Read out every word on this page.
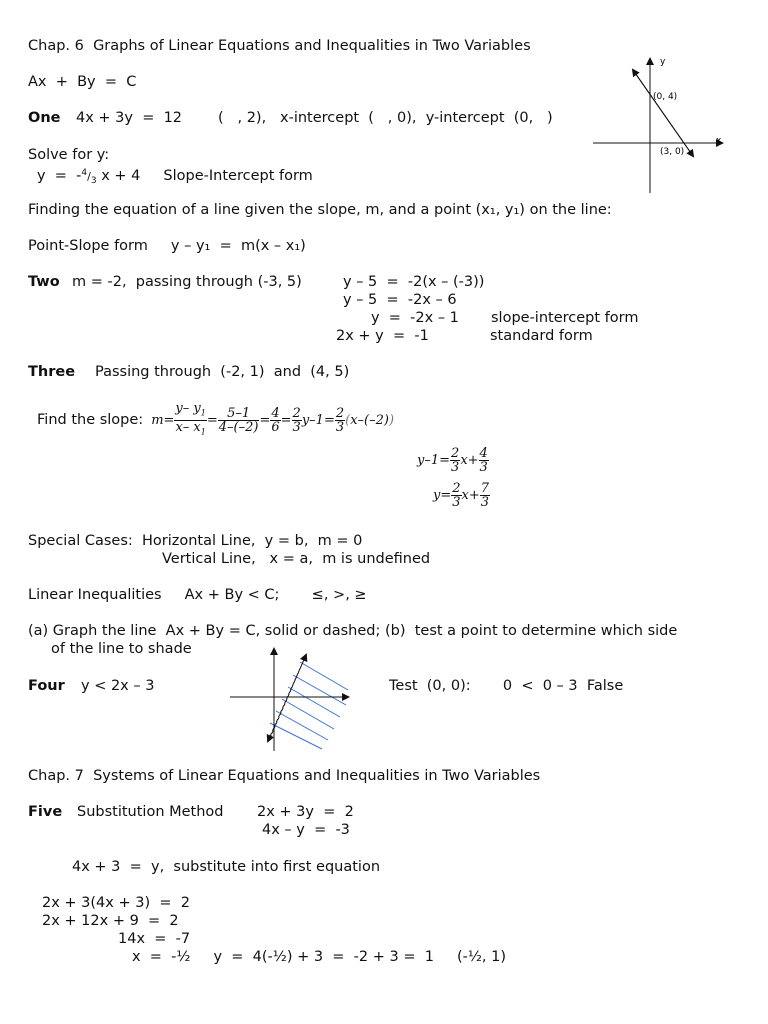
Chap. 6  Graphs of Linear Equations and Inequalities in Two Variables
Ax  +  By  =  C
One 4x + 3y  =  12 (   , 2),   x-intercept  (   , 0),  y-intercept  (0,   )
Solve for y:
$y = -^4/_3$ x + 4     Slope-Intercept form
y
x
(0, 4)
(3, 0)
Finding the equation of a line given the slope, m, and a point (x₁, y₁) on the line:
Point-Slope form     y – y₁  =  m(x – x₁)
Two m = -2,  passing through (-3, 5)	y – 5  =  -2(x – (-3))
y – 5  =  -2x – 6
y  =  -2x – 1
2x + y  =  -1
slope-intercept form
standard form
Three Passing through  (-2, 1)  and  (4, 5)
Find the slope: $m= \frac{y- y_1}{x- x_1} = \frac{5-1}{4-(-2)} = \frac{4}{6} = \frac{2}{3} y-1= \frac{2}{3} (x-(-2))$
$y-1= \frac{2}{3} x+ \frac{4}{3}$
$y= \frac{2}{3} x+ \frac{7}{3}$
Special Cases:  Horizontal Line,  y = b,  m = 0
Vertical Line,   x = a,  m is undefined
Linear Inequalities     Ax + By < C;       ≤, >, ≥
(a) Graph the line  Ax + By = C, solid or dashed; (b)  test a point to determine which side
of the line to shade
Four y < 2x – 3	Test  (0, 0):       0  <  0 – 3  False
Chap. 7  Systems of Linear Equations and Inequalities in Two Variables
Five Substitution Method 2x + 3y  =  2
4x – y  =  -3
4x + 3  =  y,  substitute into first equation
2x + 3(4x + 3)  =  2
2x + 12x + 9  =  2
14x  =  -7
x  =  -½     y  =  4(-½) + 3  =  -2 + 3 =  1     (-½, 1)
